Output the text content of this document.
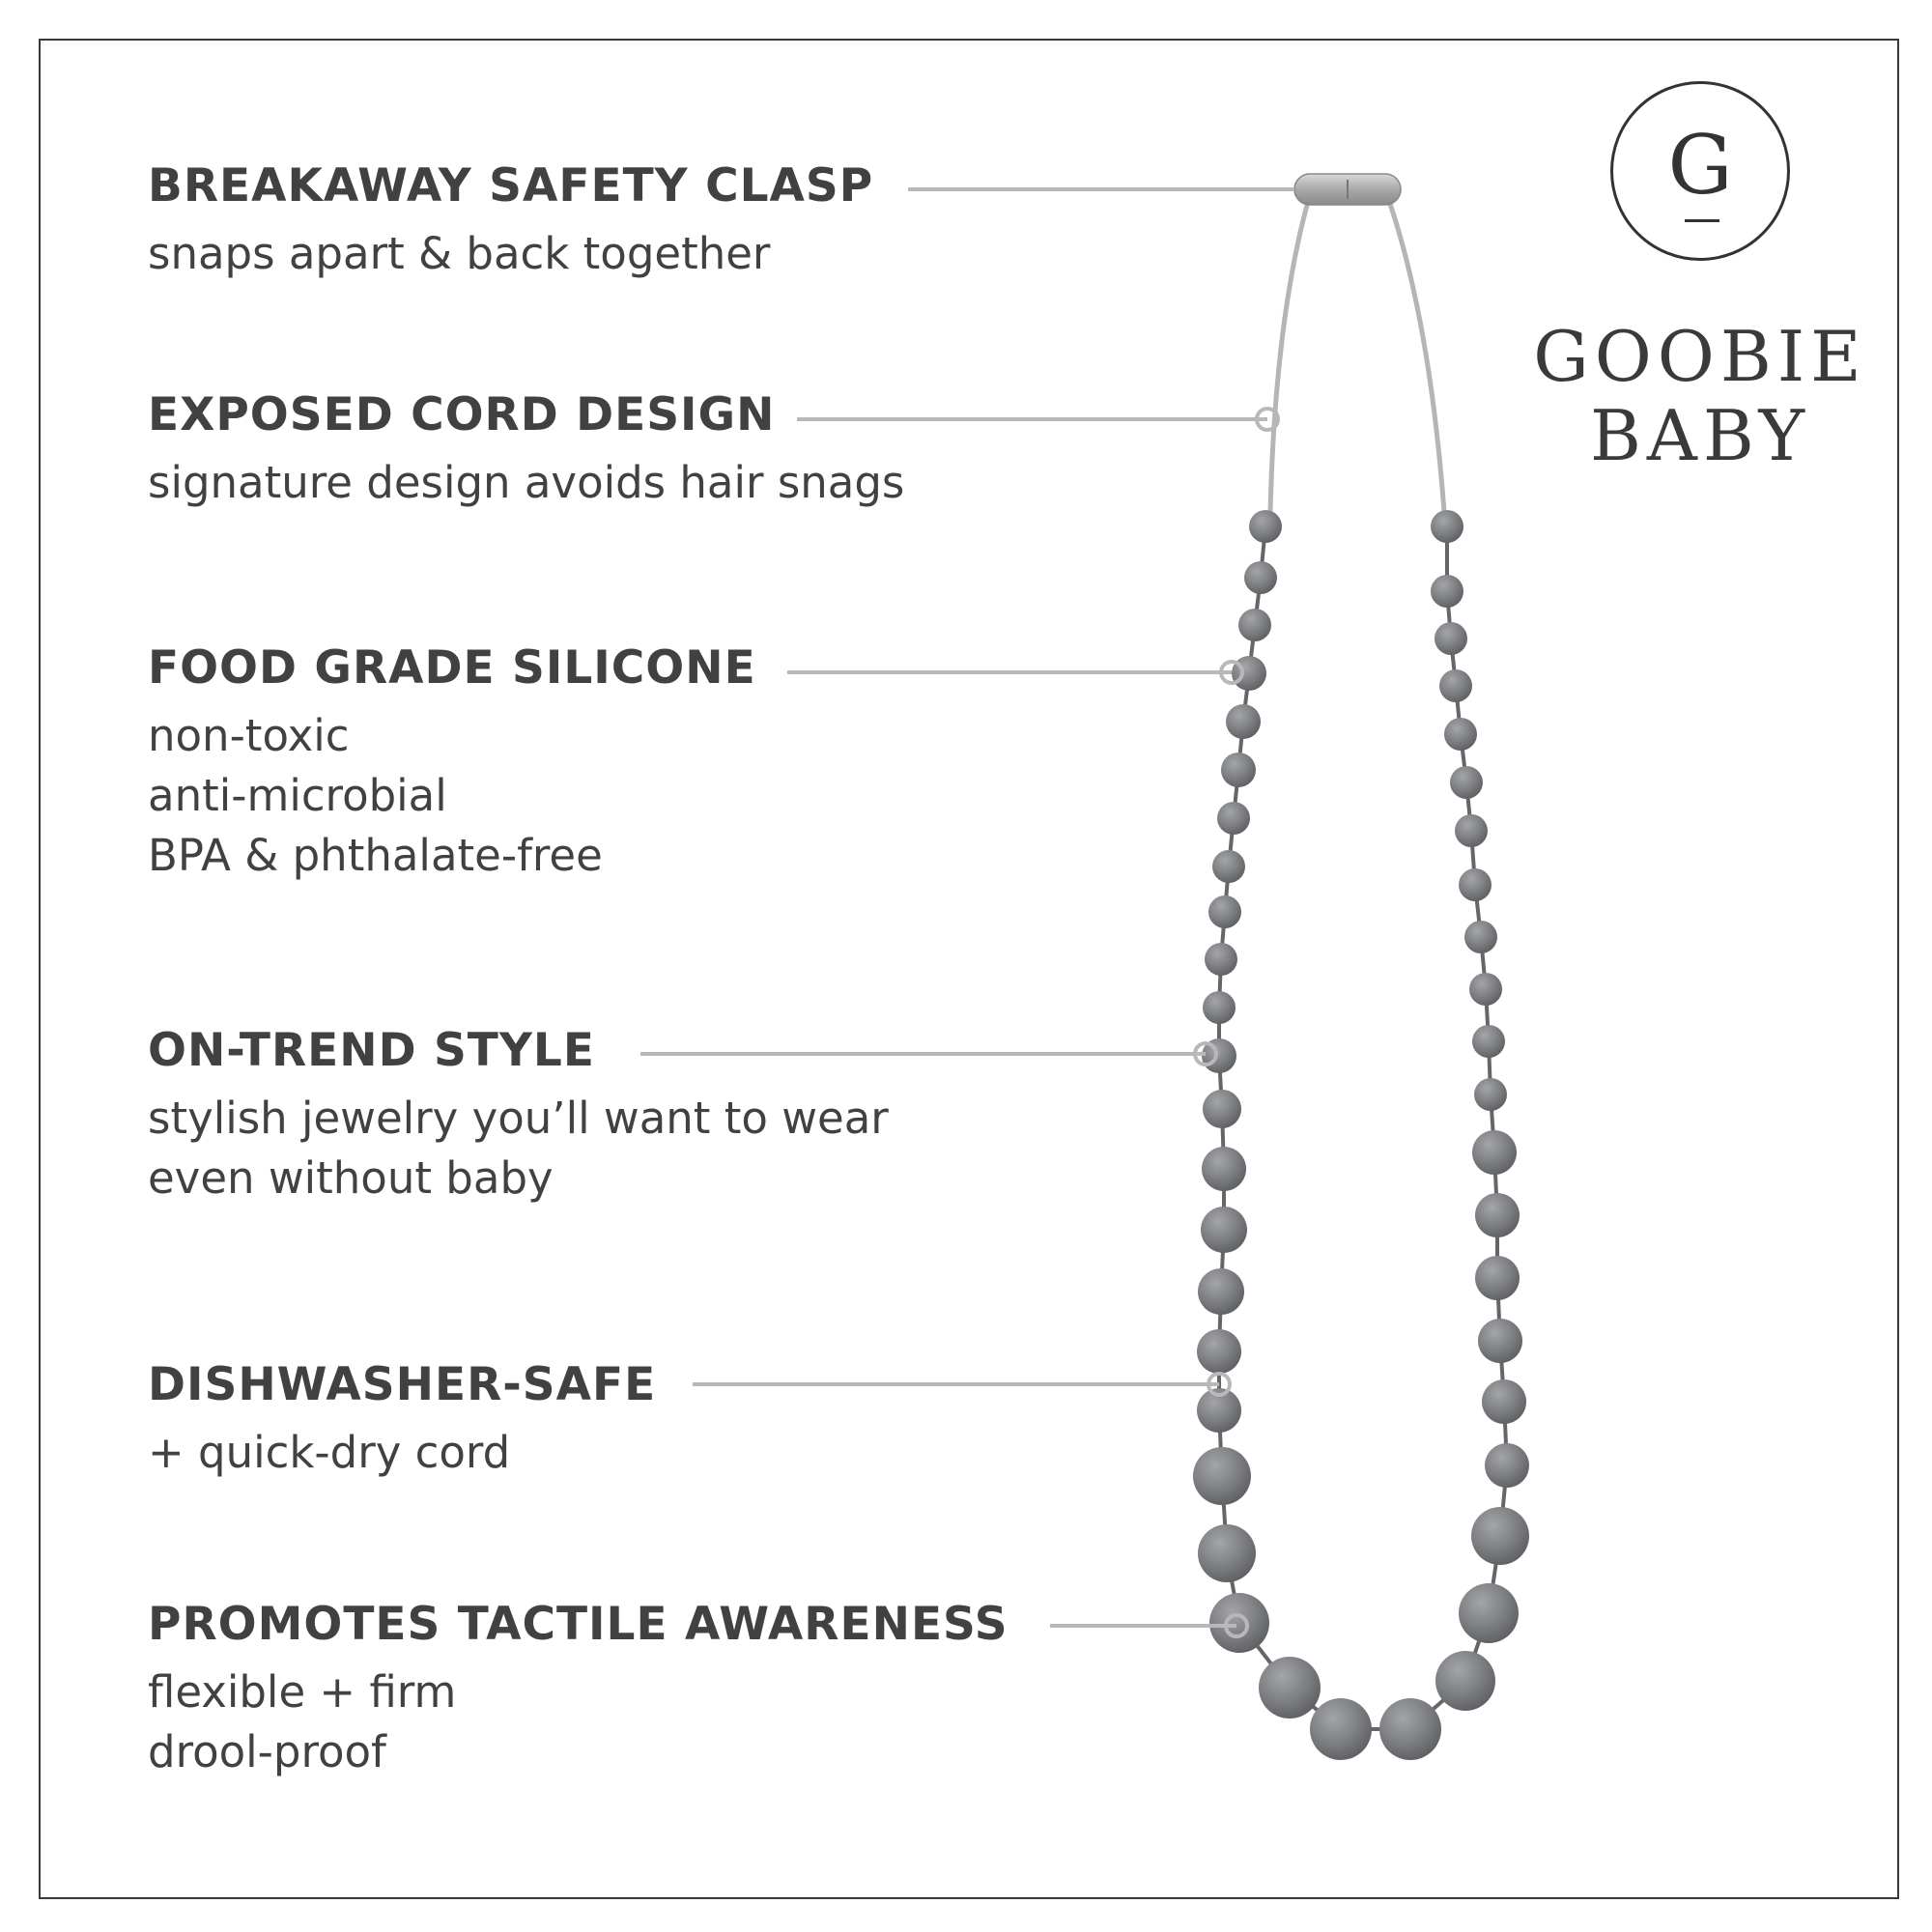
BREAKAWAY SAFETY CLASP

snaps apart & back together

EXPOSED CORD DESIGN

signature design avoids hair snags

FOOD GRADE SILICONE

non-toxic

anti-microbial

BPA & phthalate-free

ON-TREND STYLE

stylish jewelry you’ll want to wear

even without baby

DISHWASHER-SAFE

+ quick-dry cord

PROMOTES TACTILE AWARENESS

flexible + firm

drool-proof

G
GOOBIE
BABY
